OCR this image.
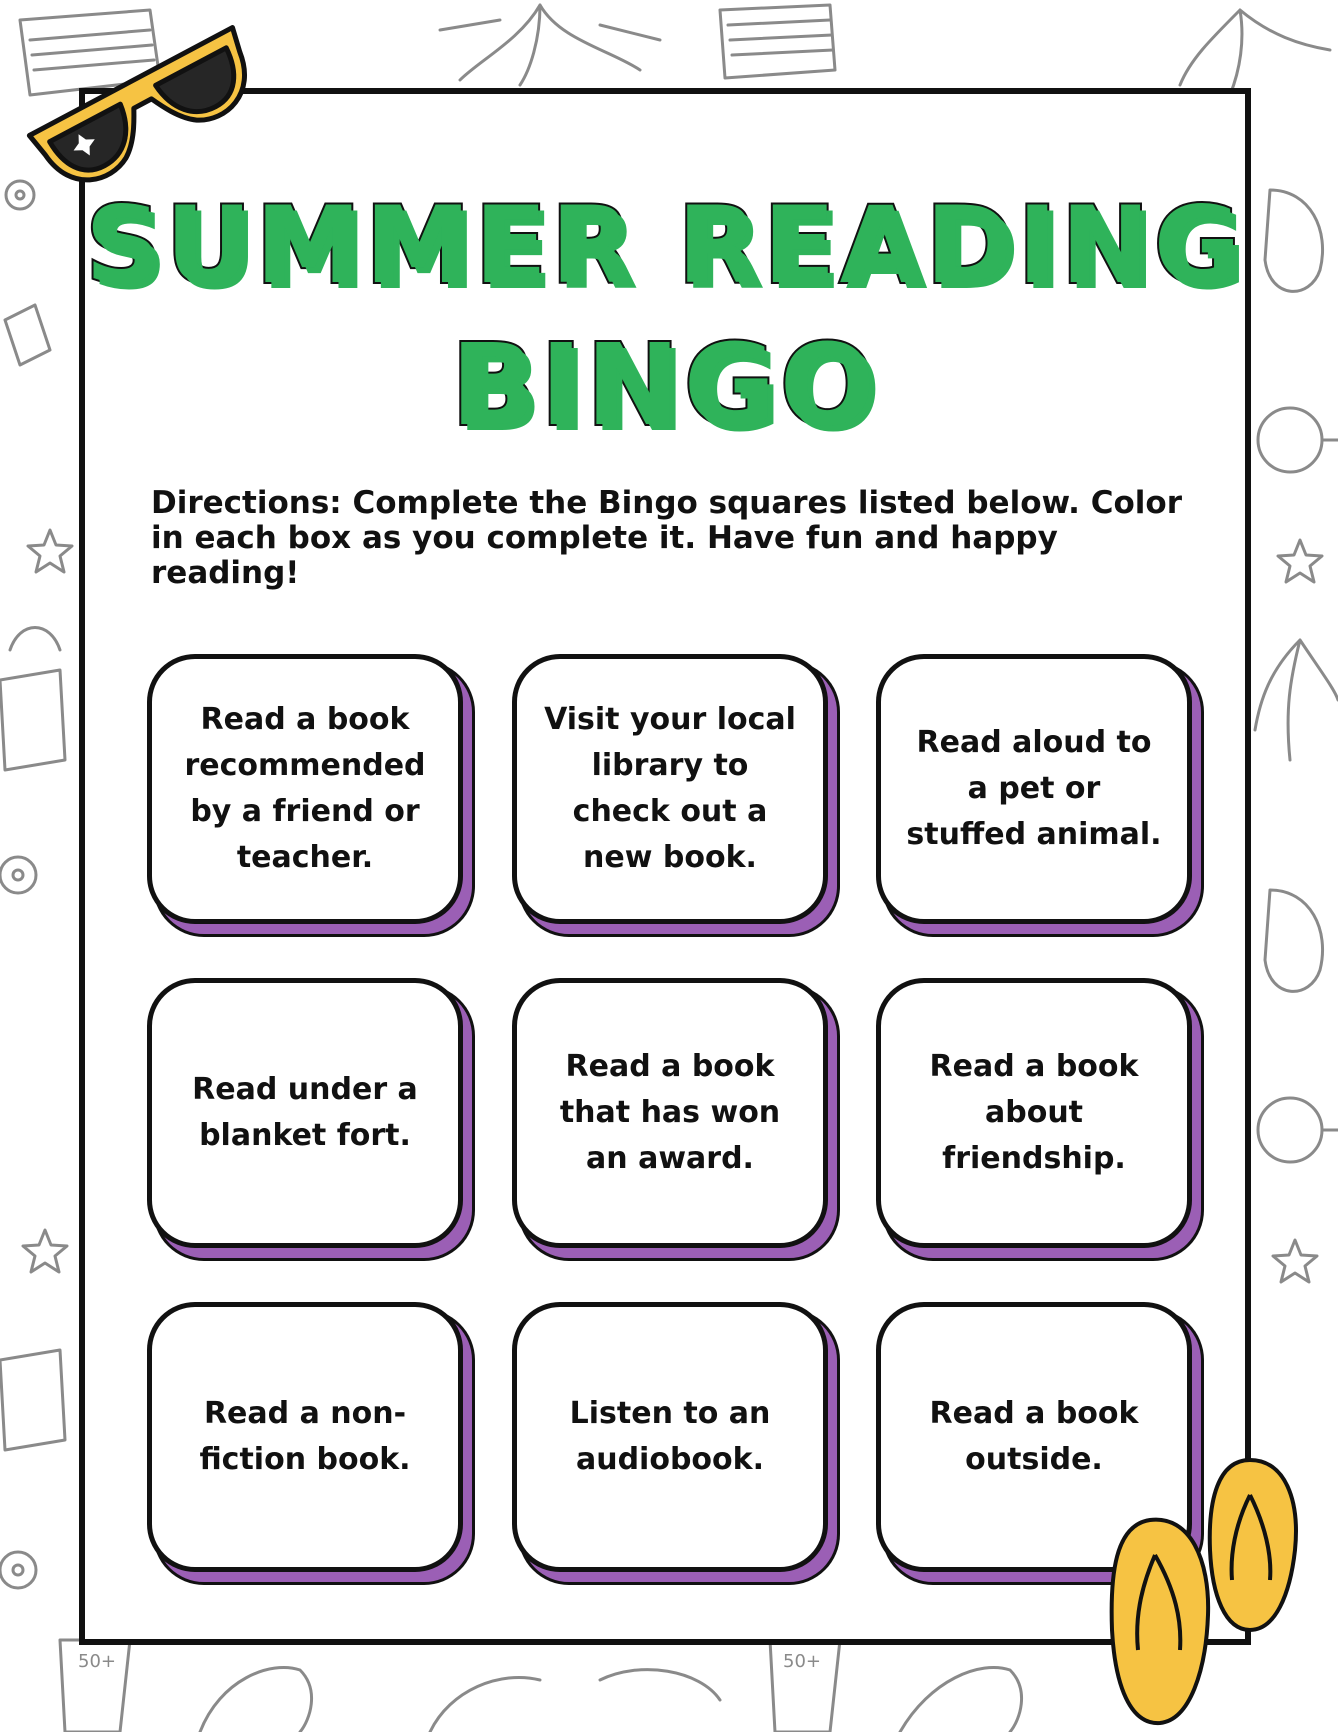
50+	50+
SUMMER READING
BINGO
Directions: Complete the Bingo squares listed below. Color in each box as you complete it. Have fun and happy reading!
Read a book recommended by a friend or teacher.
Visit your local library to check out a new book.
Read aloud to a pet or stuffed animal.
Read under a blanket fort.
Read a book that has won an award.
Read a book about friendship.
Read a non-fiction book.
Listen to an audiobook.
Read a book outside.
